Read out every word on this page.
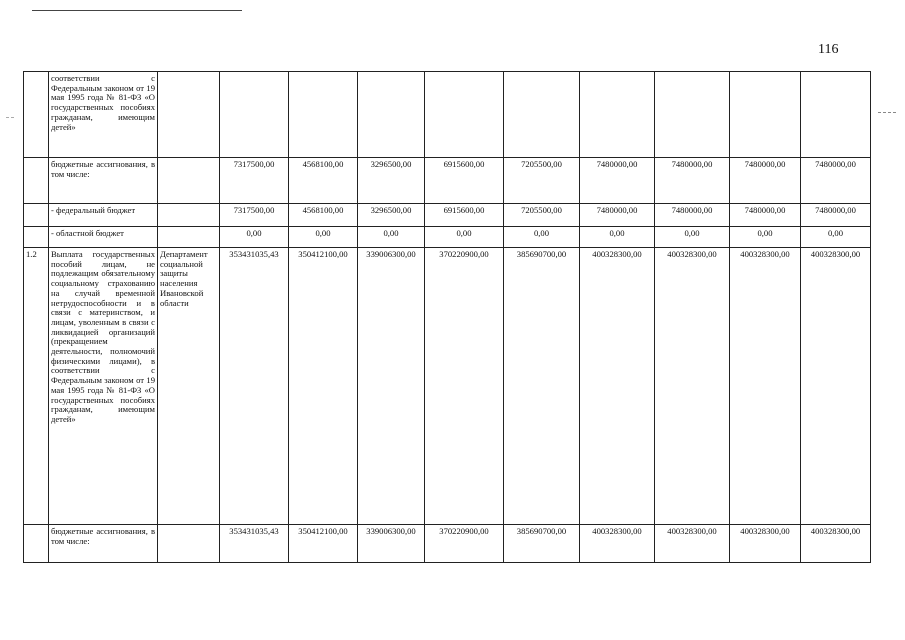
116
	соответствии с Федеральным законом от 19 мая 1995 года № 81-ФЗ «О государственных пособиях гражданам, имеющим детей»										
	бюджетные ассигнования, в том числе:		7317500,00	4568100,00	3296500,00	6915600,00	7205500,00	7480000,00	7480000,00	7480000,00	7480000,00
	- федеральный бюджет		7317500,00	4568100,00	3296500,00	6915600,00	7205500,00	7480000,00	7480000,00	7480000,00	7480000,00
	- областной бюджет		0,00	0,00	0,00	0,00	0,00	0,00	0,00	0,00	0,00
1.2	Выплата государственных пособий лицам, не подлежащим обязательному социальному страхованию на случай временной нетрудоспособности и в связи с материнством, и лицам, уволенным в связи с ликвидацией организаций (прекращением деятельности, полномочий физическими лицами), в соответствии с Федеральным законом от 19 мая 1995 года № 81-ФЗ «О государственных пособиях гражданам, имеющим детей»	Департамент социальной защиты населения Ивановской области	353431035,43	350412100,00	339006300,00	370220900,00	385690700,00	400328300,00	400328300,00	400328300,00	400328300,00
	бюджетные ассигнования, в том числе:		353431035,43	350412100,00	339006300,00	370220900,00	385690700,00	400328300,00	400328300,00	400328300,00	400328300,00
